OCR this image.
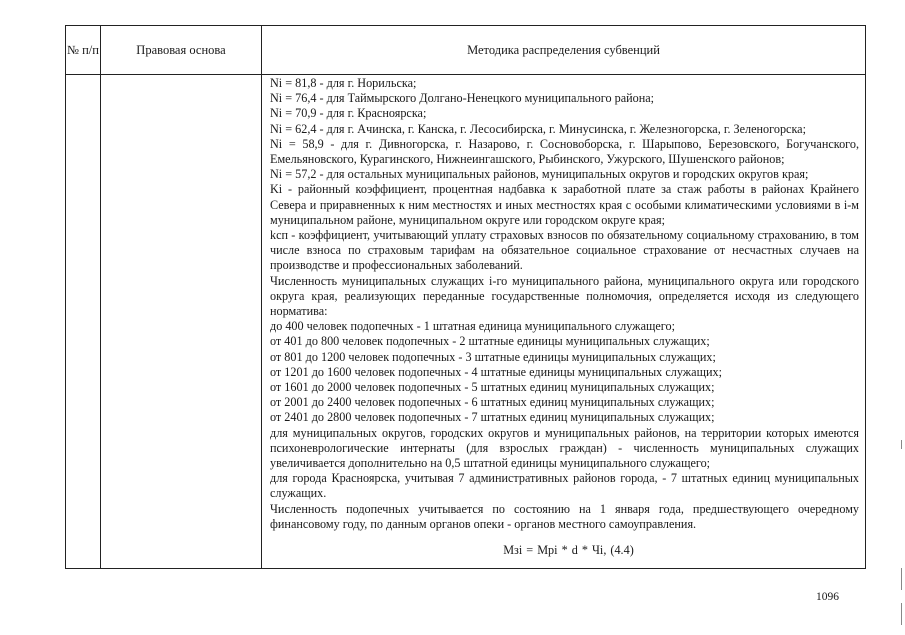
№ п/п	Правовая основа	Методика распределения субвенций

Ni = 81,8 - для г. Норильска;

Ni = 76,4 - для Таймырского Долгано-Ненецкого муниципального района;

Ni = 70,9 - для г. Красноярска;

Ni = 62,4 - для г. Ачинска, г. Канска, г. Лесосибирска, г. Минусинска, г. Железногорска, г. Зеленогорска;

Ni = 58,9 - для г. Дивногорска, г. Назарово, г. Сосновоборска, г. Шарыпово, Березовского, Богучанского, Емельяновского, Курагинского, Нижнеингашского, Рыбинского, Ужурского, Шушенского районов;

Ni = 57,2 - для остальных муниципальных районов, муниципальных округов и городских округов края;

Ki - районный коэффициент, процентная надбавка к заработной плате за стаж работы в районах Крайнего Севера и приравненных к ним местностях и иных местностях края с особыми климатическими условиями в i-м муниципальном районе, муниципальном округе или городском округе края;

kсп - коэффициент, учитывающий уплату страховых взносов по обязательному социальному страхованию, в том числе взноса по страховым тарифам на обязательное социальное страхование от несчастных случаев на производстве и профессиональных заболеваний.

Численность муниципальных служащих i-го муниципального района, муниципального округа или городского округа края, реализующих переданные государственные полномочия, определяется исходя из следующего норматива:

до 400 человек подопечных - 1 штатная единица муниципального служащего;

от 401 до 800 человек подопечных - 2 штатные единицы муниципальных служащих;

от 801 до 1200 человек подопечных - 3 штатные единицы муниципальных служащих;

от 1201 до 1600 человек подопечных - 4 штатные единицы муниципальных служащих;

от 1601 до 2000 человек подопечных - 5 штатных единиц муниципальных служащих;

от 2001 до 2400 человек подопечных - 6 штатных единиц муниципальных служащих;

от 2401 до 2800 человек подопечных - 7 штатных единиц муниципальных служащих;

для муниципальных округов, городских округов и муниципальных районов, на территории которых имеются психоневрологические интернаты (для взрослых граждан) - численность муниципальных служащих увеличивается дополнительно на 0,5 штатной единицы муниципального служащего;

для города Красноярска, учитывая 7 административных районов города, - 7 штатных единиц муниципальных служащих.

Численность подопечных учитывается по состоянию на 1 января года, предшествующего очередному финансовому году, по данным органов опеки - органов местного самоуправления.

Мзi = Мрi * d * Чi, (4.4)

1096
